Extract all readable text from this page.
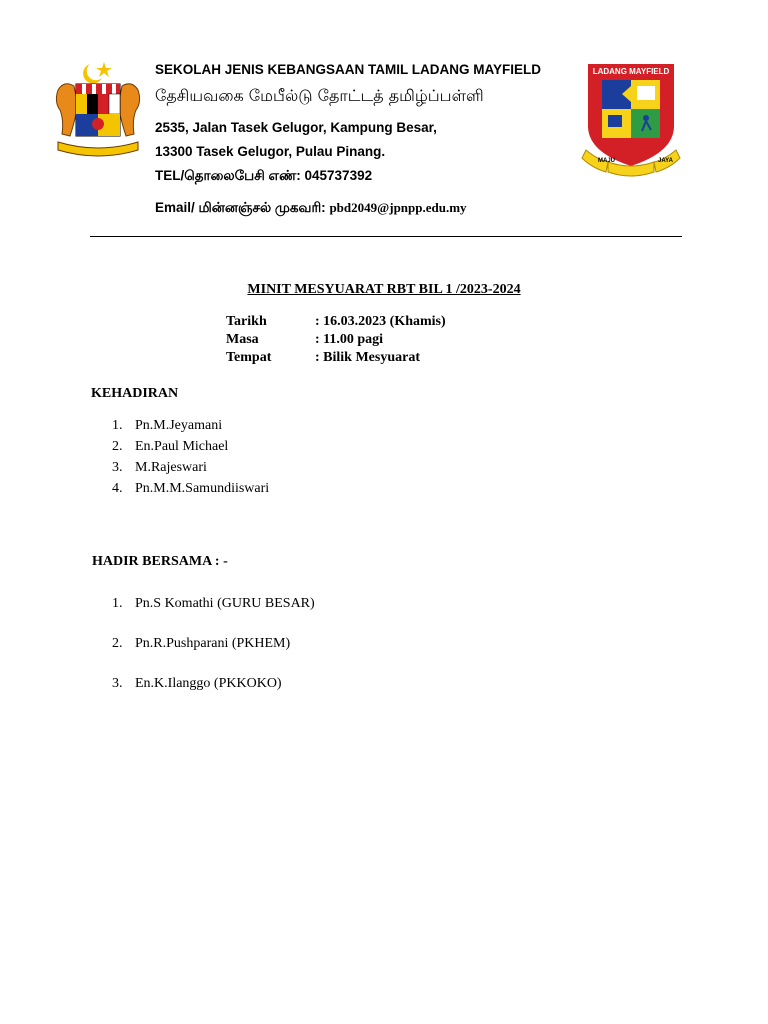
SEKOLAH JENIS KEBANGSAAN TAMIL LADANG MAYFIELD
தேசியவகை மேபீல்டு தோட்டத் தமிழ்ப்பள்ளி
2535, Jalan Tasek Gelugor, Kampung Besar,
13300 Tasek Gelugor, Pulau Pinang.
TEL/தொலைபேசி எண்: 045737392
Email/ மின்னஞ்சல் முகவரி: pbd2049@jpnpp.edu.my
LADANG MAYFIELD
MAJU	JAYA
MINIT MESYUARAT RBT BIL 1 /2023-2024
Tarikh	: 16.03.2023 (Khamis)
Masa	: 11.00 pagi
Tempat	: Bilik Mesyuarat
KEHADIRAN
1. Pn.M.Jeyamani
2. En.Paul Michael
3. M.Rajeswari
4. Pn.M.M.Samundiiswari
HADIR BERSAMA : -
1. Pn.S Komathi (GURU BESAR)
2. Pn.R.Pushparani (PKHEM)
3. En.K.Ilanggo (PKKOKO)
